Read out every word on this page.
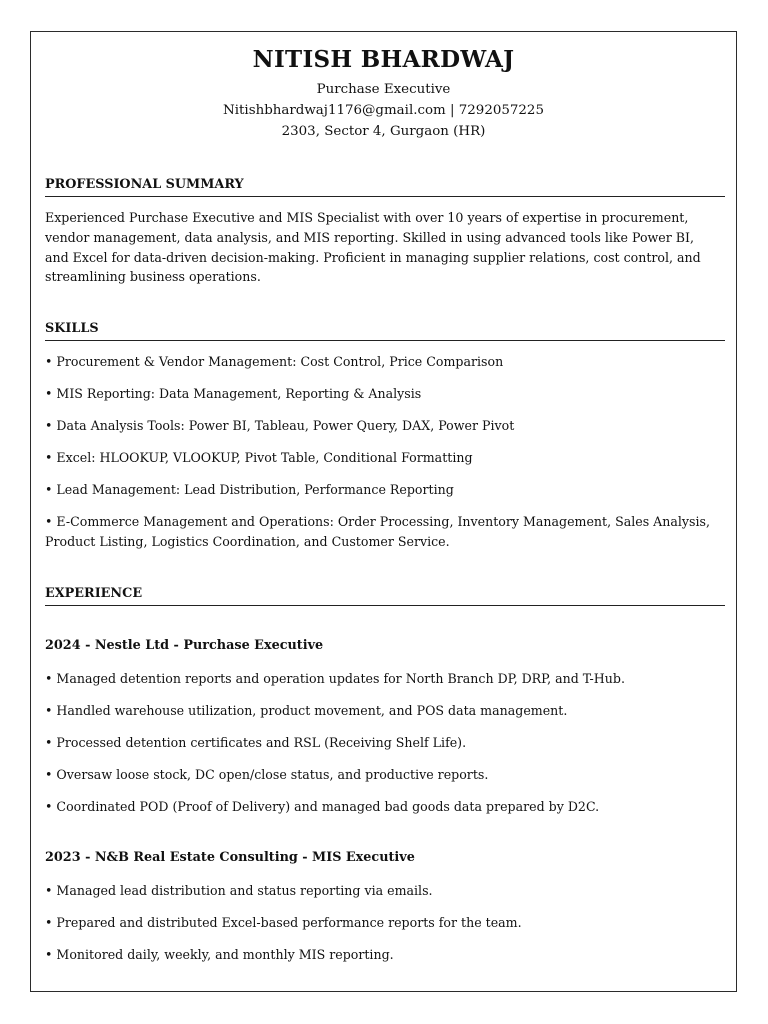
NITISH BHARDWAJ
Purchase Executive
Nitishbhardwaj1176@gmail.com | 7292057225
2303, Sector 4, Gurgaon (HR)
PROFESSIONAL SUMMARY
Experienced Purchase Executive and MIS Specialist with over 10 years of expertise in procurement, vendor management, data analysis, and MIS reporting. Skilled in using advanced tools like Power BI, and Excel for data-driven decision-making. Proficient in managing supplier relations, cost control, and streamlining business operations.
SKILLS
• Procurement & Vendor Management: Cost Control, Price Comparison
• MIS Reporting: Data Management, Reporting & Analysis
• Data Analysis Tools: Power BI, Tableau, Power Query, DAX, Power Pivot
• Excel: HLOOKUP, VLOOKUP, Pivot Table, Conditional Formatting
• Lead Management: Lead Distribution, Performance Reporting
• E-Commerce Management and Operations: Order Processing, Inventory Management, Sales Analysis, Product Listing, Logistics Coordination, and Customer Service.
EXPERIENCE
2024 - Nestle Ltd - Purchase Executive
• Managed detention reports and operation updates for North Branch DP, DRP, and T-Hub.
• Handled warehouse utilization, product movement, and POS data management.
• Processed detention certificates and RSL (Receiving Shelf Life).
• Oversaw loose stock, DC open/close status, and productive reports.
• Coordinated POD (Proof of Delivery) and managed bad goods data prepared by D2C.
2023 - N&B Real Estate Consulting - MIS Executive
• Managed lead distribution and status reporting via emails.
• Prepared and distributed Excel-based performance reports for the team.
• Monitored daily, weekly, and monthly MIS reporting.
